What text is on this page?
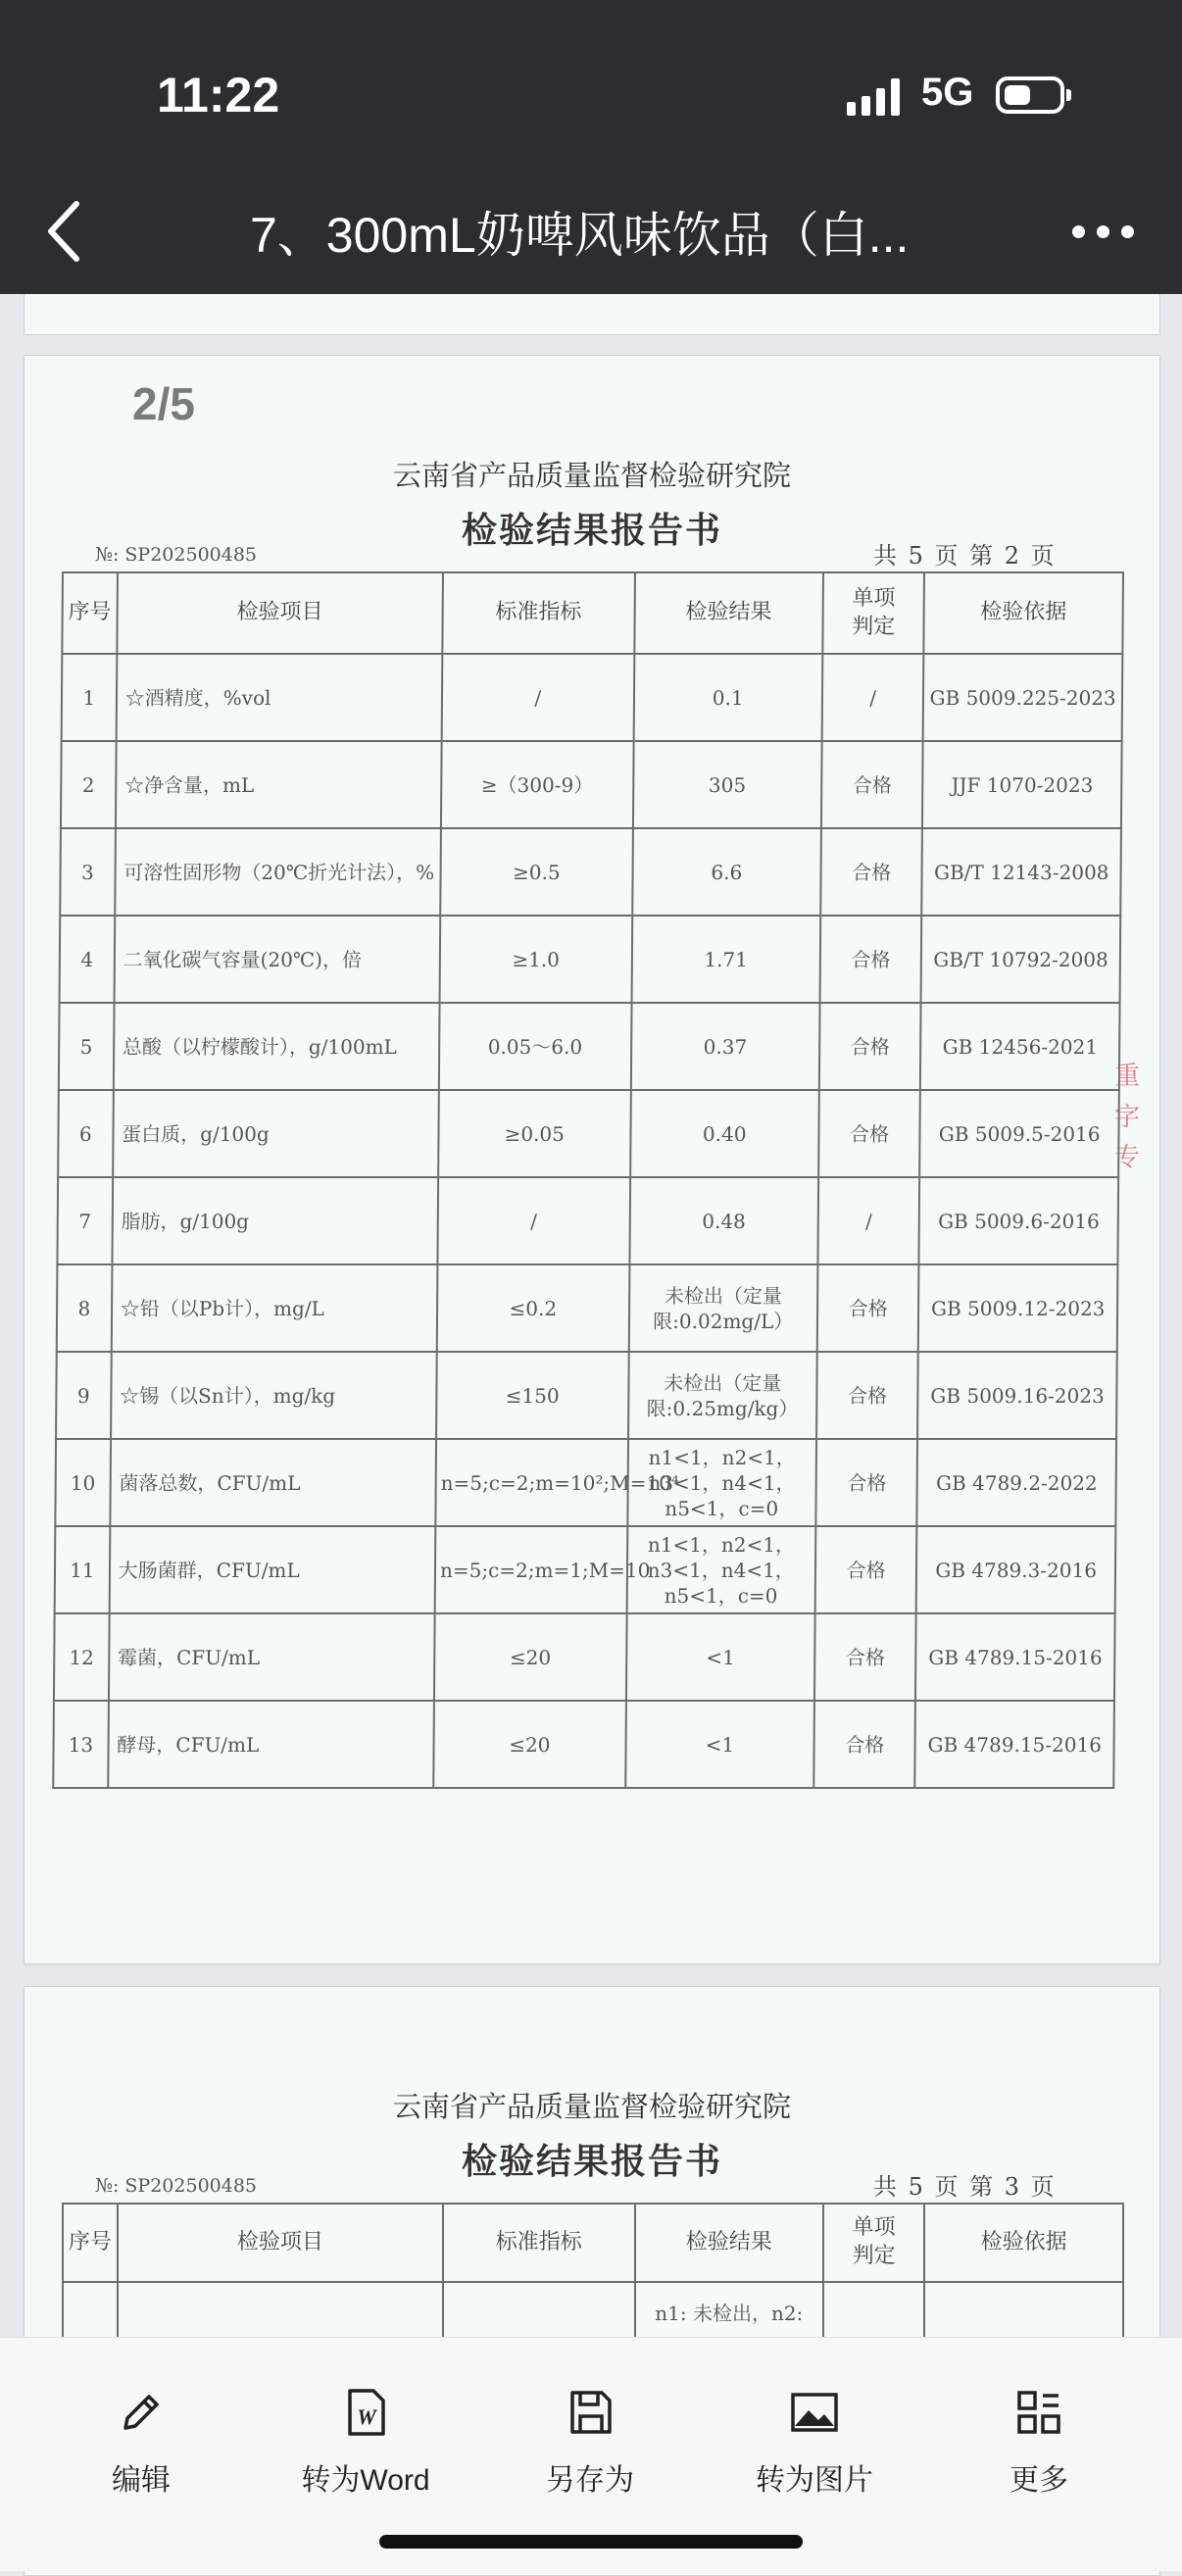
11:22	5G
7、300mL奶啤风味饮品（白...
2/5
云南省产品质量监督检验研究院
检验结果报告书
№: SP202500485	共 5 页 第 2 页
序号	检验项目	标准指标	检验结果	单项判定	检验依据
1	☆酒精度，%vol	/	0.1	/	GB 5009.225-2023
2	☆净含量，mL	≥（300-9）	305	合格	JJF 1070-2023
3	可溶性固形物（20℃折光计法），%	≥0.5	6.6	合格	GB/T 12143-2008
4	二氧化碳气容量(20℃)，倍	≥1.0	1.71	合格	GB/T 10792-2008
5	总酸（以柠檬酸计），g/100mL	0.05～6.0	0.37	合格	GB 12456-2021
6	蛋白质，g/100g	≥0.05	0.40	合格	GB 5009.5-2016
7	脂肪，g/100g	/	0.48	/	GB 5009.6-2016
8	☆铅（以Pb计），mg/L	≤0.2	未检出（定量限:0.02mg/L）	合格	GB 5009.12-2023
9	☆锡（以Sn计），mg/kg	≤150	未检出（定量限:0.25mg/kg）	合格	GB 5009.16-2023
10	菌落总数，CFU/mL	n=5;c=2;m=10²;M=10⁴	n1<1，n2<1，n3<1，n4<1，n5<1，c=0	合格	GB 4789.2-2022
11	大肠菌群，CFU/mL	n=5;c=2;m=1;M=10	n1<1，n2<1，n3<1，n4<1，n5<1，c=0	合格	GB 4789.3-2016
12	霉菌，CFU/mL	≤20	<1	合格	GB 4789.15-2016
13	酵母，CFU/mL	≤20	<1	合格	GB 4789.15-2016
重
字
专
云南省产品质量监督检验研究院
检验结果报告书
№: SP202500485	共 5 页 第 3 页
序号	检验项目	标准指标	检验结果	单项判定	检验依据
			n1: 未检出，n2:		
编辑
W
转为Word	另存为	转为图片	更多
